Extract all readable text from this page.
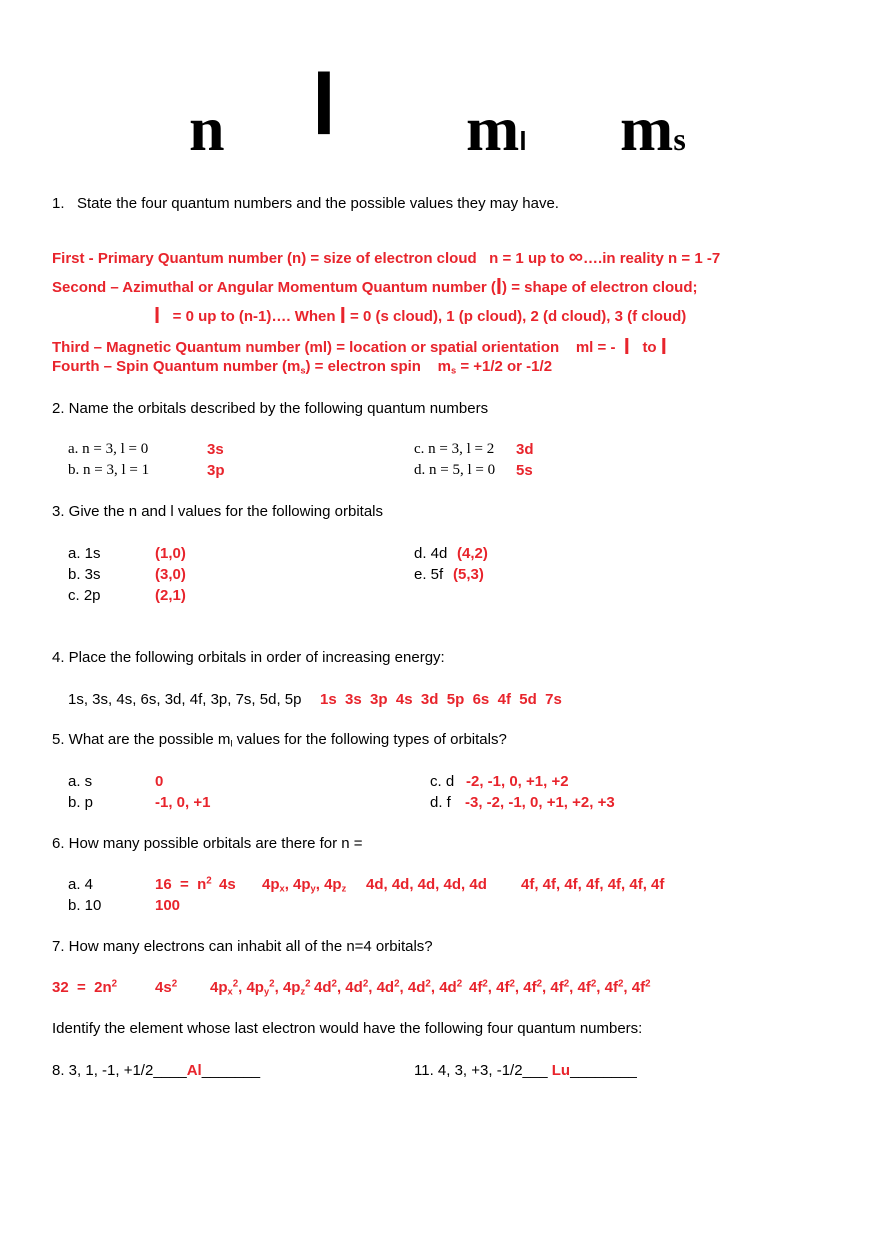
n l ml ms
1. State the four quantum numbers and the possible values they may have.
First - Primary Quantum number (n) = size of electron cloud n = 1 up to ∞….in reality n = 1 -7
Second – Azimuthal or Angular Momentum Quantum number (l) = shape of electron cloud;
l = 0 up to (n-1)…. When l = 0 (s cloud), 1 (p cloud), 2 (d cloud), 3 (f cloud)
Third – Magnetic Quantum number (ml) = location or spatial orientation ml = - l to l
Fourth – Spin Quantum number $(m_s)$ = electron spin $m_s = +1/2$ or -1/2
2. Name the orbitals described by the following quantum numbers
a. n = 3, l = 0	3s
b. n = 3, l = 1	3p
c. n = 3, l = 2 3d
d. n = 5, l = 0 5s
3. Give the n and l values for the following orbitals
a. 1s	(1,0)
b. 3s	(3,0)
c. 2p	(2,1)
d. 4d (4,2)
e. 5f (5,3)
4. Place the following orbitals in order of increasing energy:
1s, 3s, 4s, 6s, 3d, 4f, 3p, 7s, 5d, 5p 1s  3s  3p  4s  3d  5p  6s  4f  5d  7s
5. What are the possible $m_l$ values for the following types of orbitals?
a. s	0
b. p	-1, 0, +1
c. d -2, -1, 0, +1, +2
d. f -3, -2, -1, 0, +1, +2, +3
6. How many possible orbitals are there for n =
a. 4	$16 = n^2$ 4s $4p_x$, $4p_y$, $4p_z$ 4d, 4d, 4d, 4d, 4d 4f, 4f, 4f, 4f, 4f, 4f, 4f
b. 10	100
7. How many electrons can inhabit all of the n=4 orbitals?
$32 = 2n^2$	$4s^2$ $4p_x^2$, $4p_y^2$, $4p_z^2$ $4d^2$, $4d^2$, $4d^2$, $4d^2$, $4d^2$ $4f^2$, $4f^2$, $4f^2$, $4f^2$, $4f^2$, $4f^2$, $4f^2$
Identify the element whose last electron would have the following four quantum numbers:
8. 3, 1, -1, +1/2____Al_______	11. 4, 3, +3, -1/2___ Lu________
